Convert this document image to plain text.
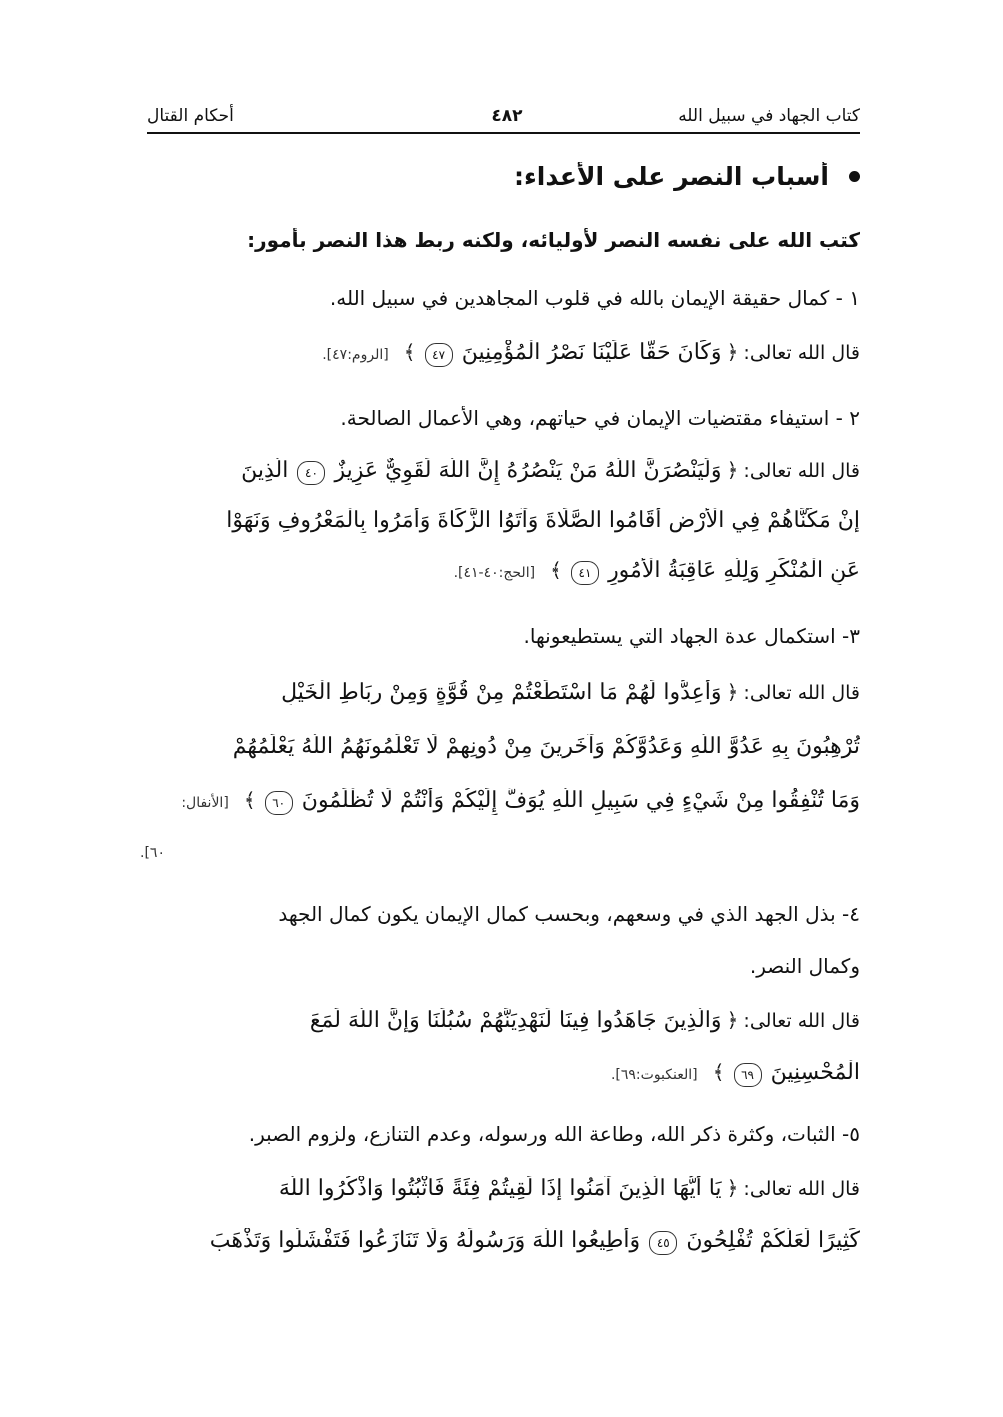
كتاب الجهاد في سبيل الله
٤٨٢
أحكام القتال
أسباب النصر على الأعداء:
كتب الله على نفسه النصر لأوليائه، ولكنه ربط هذا النصر بأمور:
١ - كمال حقيقة الإيمان بالله في قلوب المجاهدين في سبيل الله.
قال الله تعالى: ﴿ وَكَانَ حَقًّا عَلَيْنَا نَصْرُ الْمُؤْمِنِينَ ٤٧ ﴾ [الروم:٤٧].
٢ - استيفاء مقتضيات الإيمان في حياتهم، وهي الأعمال الصالحة.
قال الله تعالى: ﴿ وَلَيَنْصُرَنَّ اللَّهُ مَنْ يَنْصُرُهُ إِنَّ اللَّهَ لَقَوِيٌّ عَزِيزٌ ٤٠ الَّذِينَ
إِنْ مَكَّنَّاهُمْ فِي الْأَرْضِ أَقَامُوا الصَّلَاةَ وَآتَوُا الزَّكَاةَ وَأَمَرُوا بِالْمَعْرُوفِ وَنَهَوْا
عَنِ الْمُنْكَرِ وَلِلَّهِ عَاقِبَةُ الْأُمُورِ ٤١ ﴾ [الحج:٤٠-٤١].
٣- استكمال عدة الجهاد التي يستطيعونها.
قال الله تعالى: ﴿ وَأَعِدُّوا لَهُمْ مَا اسْتَطَعْتُمْ مِنْ قُوَّةٍ وَمِنْ رِبَاطِ الْخَيْلِ
تُرْهِبُونَ بِهِ عَدُوَّ اللَّهِ وَعَدُوَّكُمْ وَآخَرِينَ مِنْ دُونِهِمْ لَا تَعْلَمُونَهُمُ اللَّهُ يَعْلَمُهُمْ
وَمَا تُنْفِقُوا مِنْ شَيْءٍ فِي سَبِيلِ اللَّهِ يُوَفَّ إِلَيْكُمْ وَأَنْتُمْ لَا تُظْلَمُونَ ٦٠ ﴾ [الأنفال:
٦٠].
٤- بذل الجهد الذي في وسعهم، وبحسب كمال الإيمان يكون كمال الجهد
وكمال النصر.
قال الله تعالى: ﴿ وَالَّذِينَ جَاهَدُوا فِينَا لَنَهْدِيَنَّهُمْ سُبُلَنَا وَإِنَّ اللَّهَ لَمَعَ
الْمُحْسِنِينَ ٦٩ ﴾ [العنكبوت:٦٩].
٥- الثبات، وكثرة ذكر الله، وطاعة الله ورسوله، وعدم التنازع، ولزوم الصبر.
قال الله تعالى: ﴿ يَا أَيُّهَا الَّذِينَ آمَنُوا إِذَا لَقِيتُمْ فِئَةً فَاثْبُتُوا وَاذْكُرُوا اللَّهَ
كَثِيرًا لَعَلَّكُمْ تُفْلِحُونَ ٤٥ وَأَطِيعُوا اللَّهَ وَرَسُولَهُ وَلَا تَنَازَعُوا فَتَفْشَلُوا وَتَذْهَبَ
